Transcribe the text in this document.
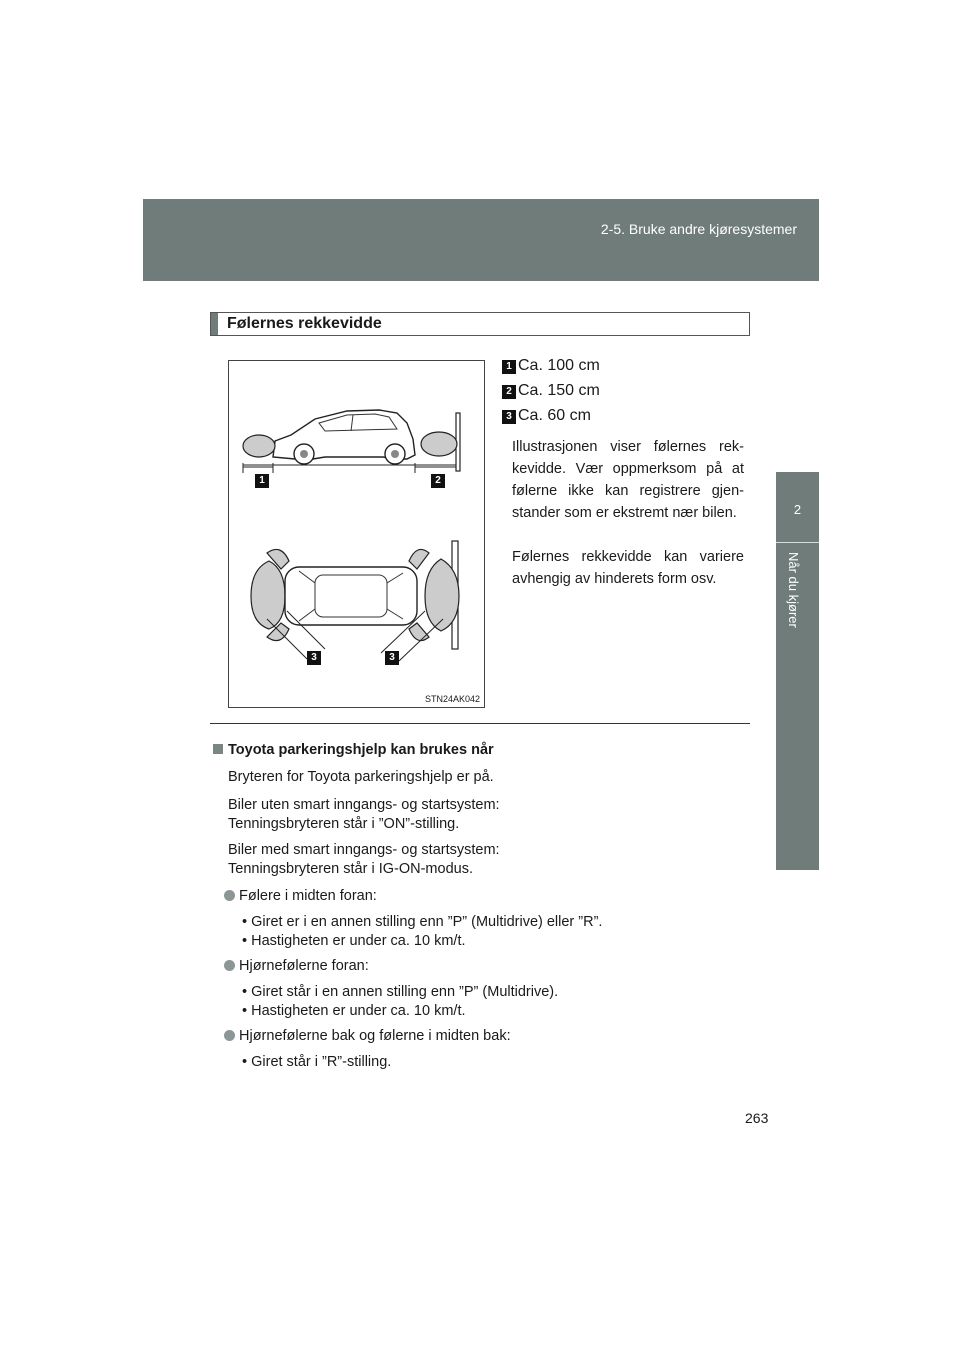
2-5. Bruke andre kjøresystemer
2
Når du kjører
Følernes rekkevidde
1	2
3	3
STN24AK042
1 Ca. 100 cm
2 Ca. 150 cm
3 Ca. 60 cm
Illustrasjonen viser følernes rek- kevidde. Vær oppmerksom på at følerne ikke kan registrere gjen- stander som er ekstremt nær bilen.
Følernes rekkevidde kan variere avhengig av hinderets form osv.
Toyota parkeringshjelp kan brukes når
Bryteren for Toyota parkeringshjelp er på.
Biler uten smart inngangs- og startsystem:
Tenningsbryteren står i ”ON”-stilling.
Biler med smart inngangs- og startsystem:
Tenningsbryteren står i IG-ON-modus.
Følere i midten foran:
• Giret er i en annen stilling enn ”P” (Multidrive) eller ”R”.
• Hastigheten er under ca. 10 km/t.
Hjørnefølerne foran:
• Giret står i en annen stilling enn ”P” (Multidrive).
• Hastigheten er under ca. 10 km/t.
Hjørnefølerne bak og følerne i midten bak:
• Giret står i ”R”-stilling.
263
